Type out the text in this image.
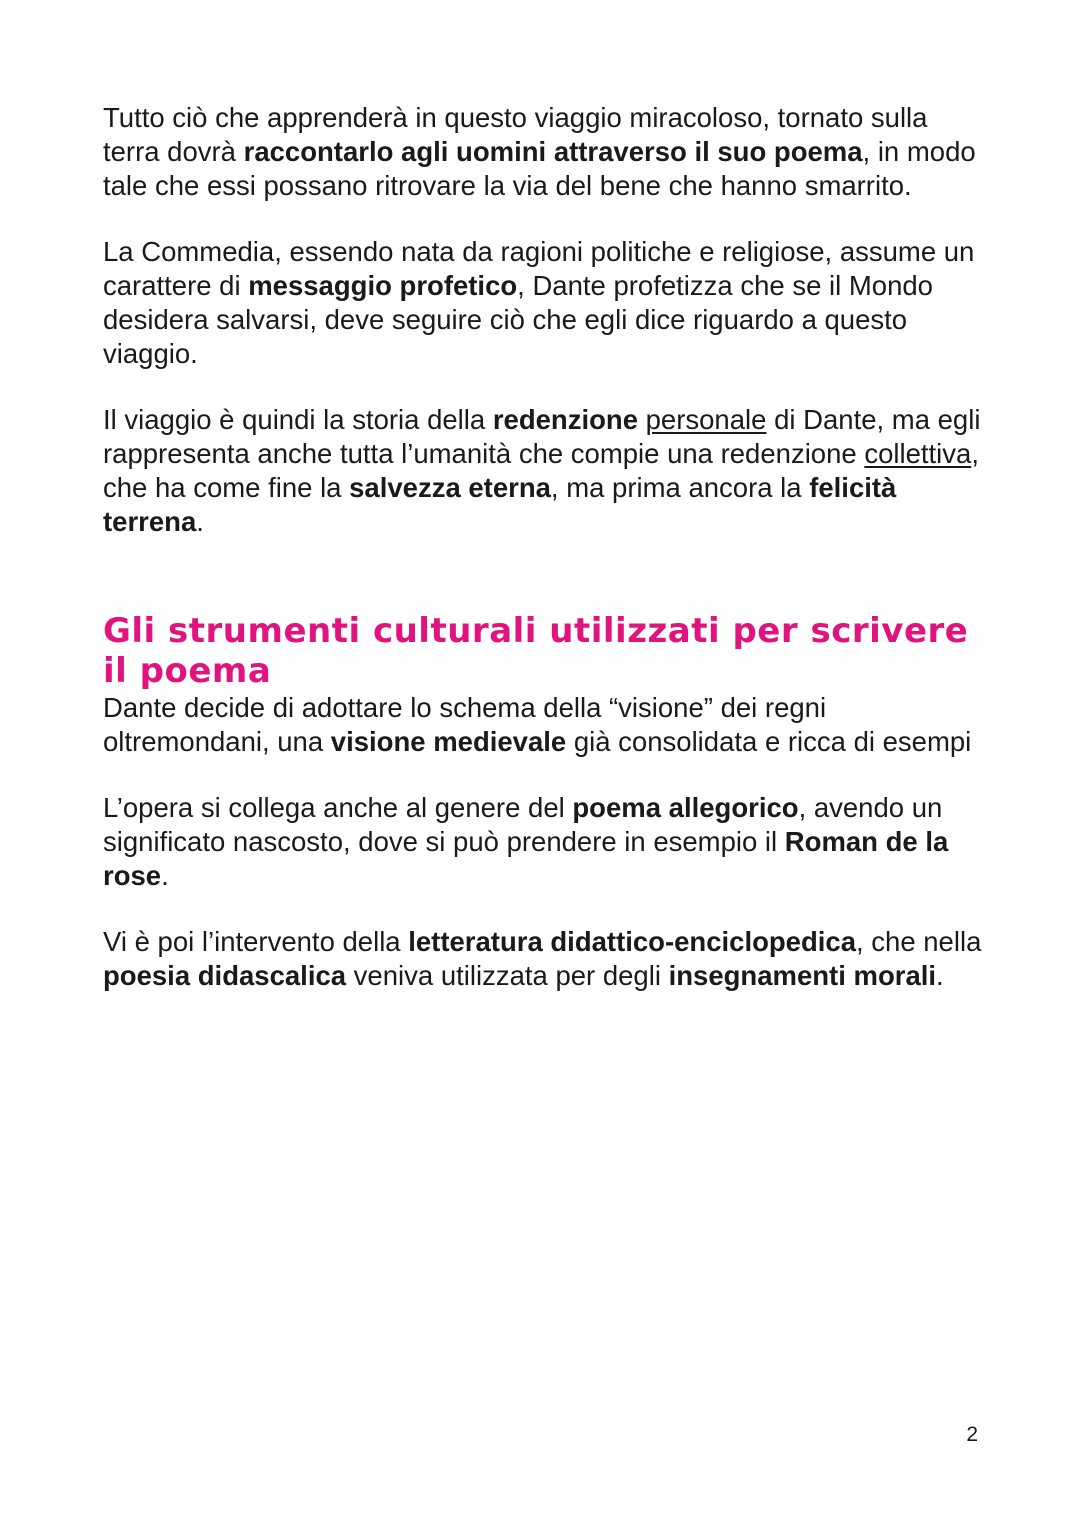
Tutto ciò che apprenderà in questo viaggio miracoloso, tornato sulla terra dovrà raccontarlo agli uomini attraverso il suo poema, in modo tale che essi possano ritrovare la via del bene che hanno smarrito.

La Commedia, essendo nata da ragioni politiche e religiose, assume un carattere di messaggio profetico, Dante profetizza che se il Mondo desidera salvarsi, deve seguire ciò che egli dice riguardo a questo viaggio.

Il viaggio è quindi la storia della redenzione personale di Dante, ma egli rappresenta anche tutta l’umanità che compie una redenzione collettiva, che ha come fine la salvezza eterna, ma prima ancora la felicità terrena.

Gli strumenti culturali utilizzati per scrivere il poema

Dante decide di adottare lo schema della “visione” dei regni oltremondani, una visione medievale già consolidata e ricca di esempi

L’opera si collega anche al genere del poema allegorico, avendo un significato nascosto, dove si può prendere in esempio il Roman de la rose.

Vi è poi l’intervento della letteratura didattico-enciclopedica, che nella poesia didascalica veniva utilizzata per degli insegnamenti morali.

2
